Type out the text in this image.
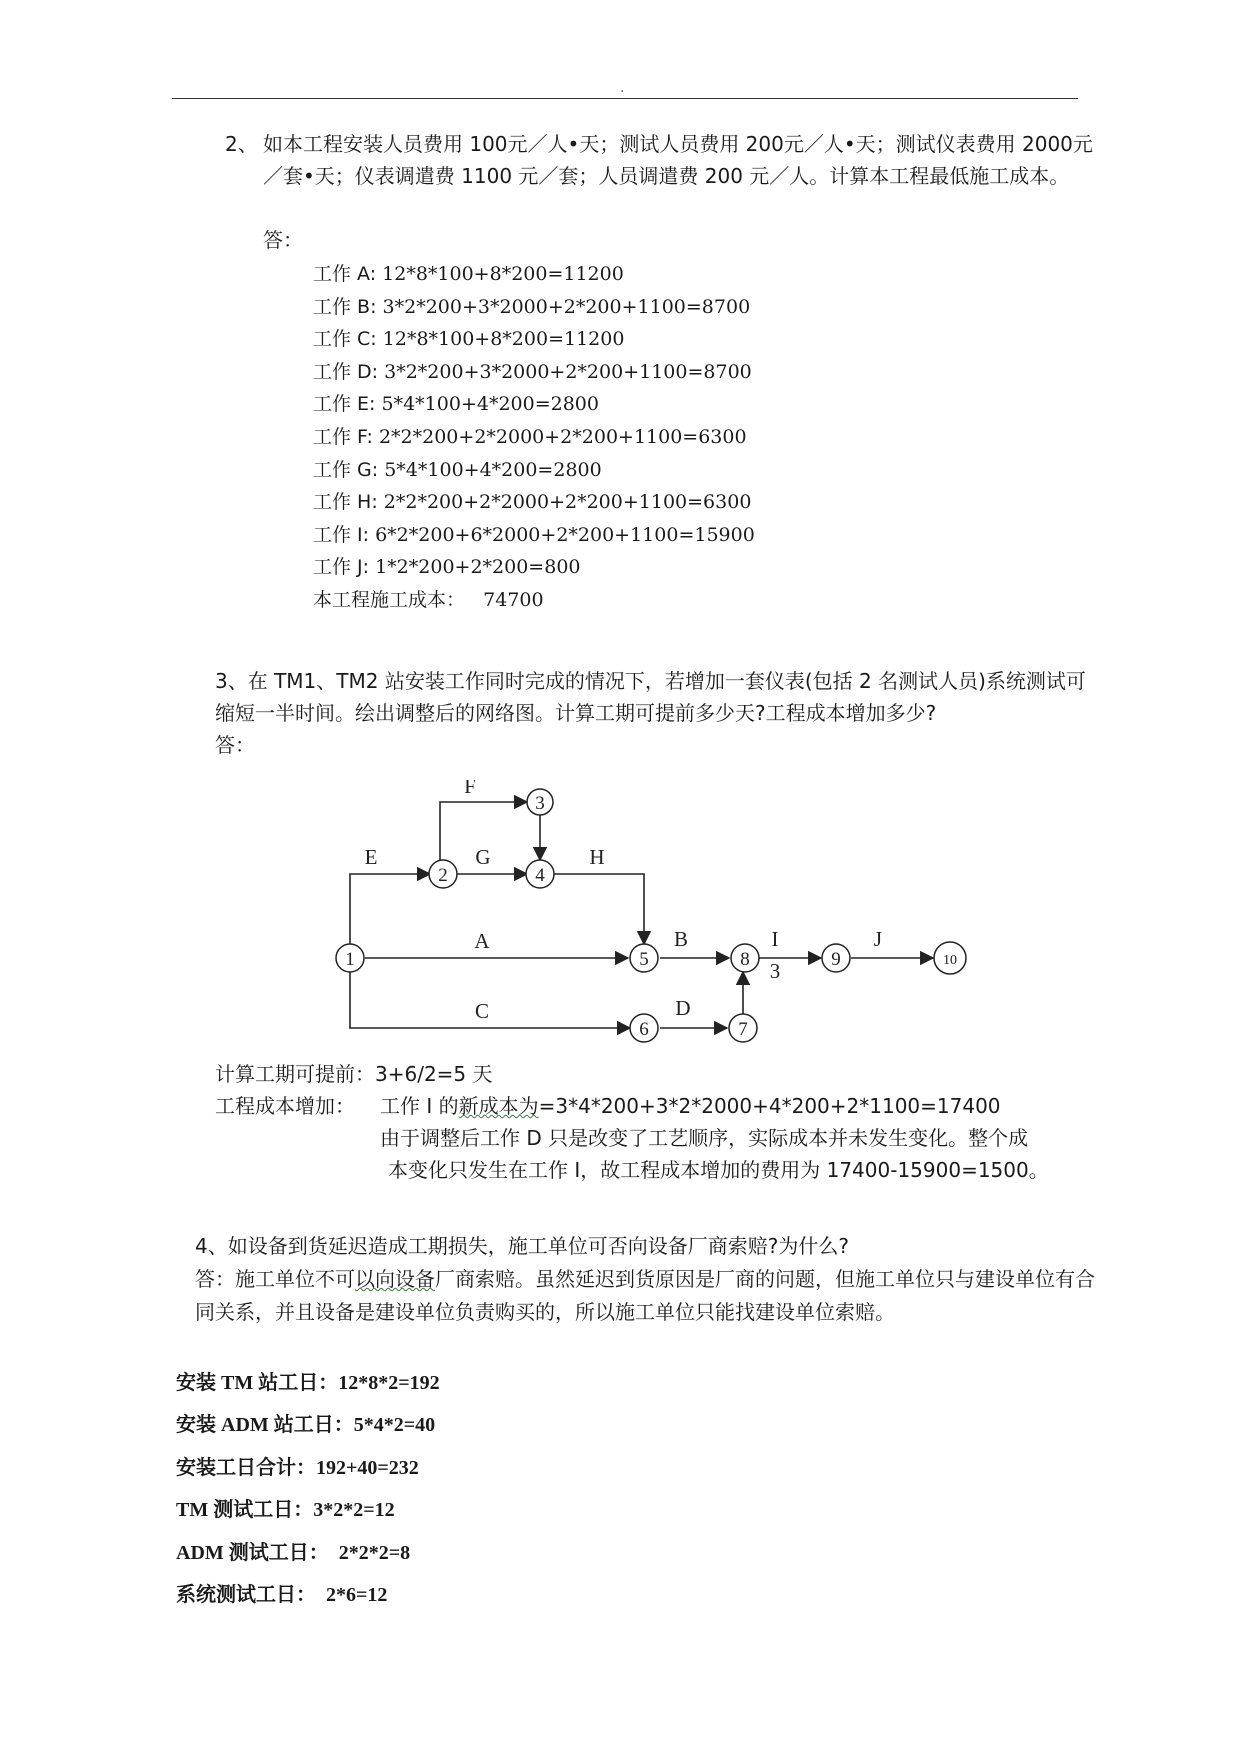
.
2、 如本工程安装人员费用 100元／人•天；测试人员费用 200元／人•天；测试仪表费用 2000元／套•天；仪表调遣费 1100 元／套；人员调遣费 200 元／人。计算本工程最低施工成本。
答：
工作 A: 12*8*100+8*200=11200
工作 B: 3*2*200+3*2000+2*200+1100=8700
工作 C: 12*8*100+8*200=11200
工作 D: 3*2*200+3*2000+2*200+1100=8700
工作 E: 5*4*100+4*200=2800
工作 F: 2*2*200+2*2000+2*200+1100=6300
工作 G: 5*4*100+4*200=2800
工作 H: 2*2*200+2*2000+2*200+1100=6300
工作 I: 6*2*200+6*2000+2*200+1100=15900
工作 J: 1*2*200+2*200=800
本工程施工成本： 74700
3、在 TM1、TM2 站安装工作同时完成的情况下，若增加一套仪表(包括 2 名测试人员)系统测试可缩短一半时间。绘出调整后的网络图。计算工期可提前多少天?工程成本增加多少?
答：
E
F
G	H
A	B
C	D
I
3
J
1
2
3
4
5
6	7
8	9	10
计算工期可提前：3+6/2=5 天
工程成本增加： 工作 I 的新成本为=3*4*200+3*2*2000+4*200+2*1100=17400
由于调整后工作 D 只是改变了工艺顺序，实际成本并未发生变化。整个成
本变化只发生在工作 I，故工程成本增加的费用为 17400-15900=1500。
4、如设备到货延迟造成工期损失，施工单位可否向设备厂商索赔?为什么?
答：施工单位不可以向设备厂商索赔。虽然延迟到货原因是厂商的问题，但施工单位只与建设单位有合同关系，并且设备是建设单位负责购买的，所以施工单位只能找建设单位索赔。
安装 TM 站工日：12*8*2=192
安装 ADM 站工日：5*4*2=40
安装工日合计：192+40=232
TM 测试工日：3*2*2=12
ADM 测试工日：  2*2*2=8
系统测试工日：  2*6=12
